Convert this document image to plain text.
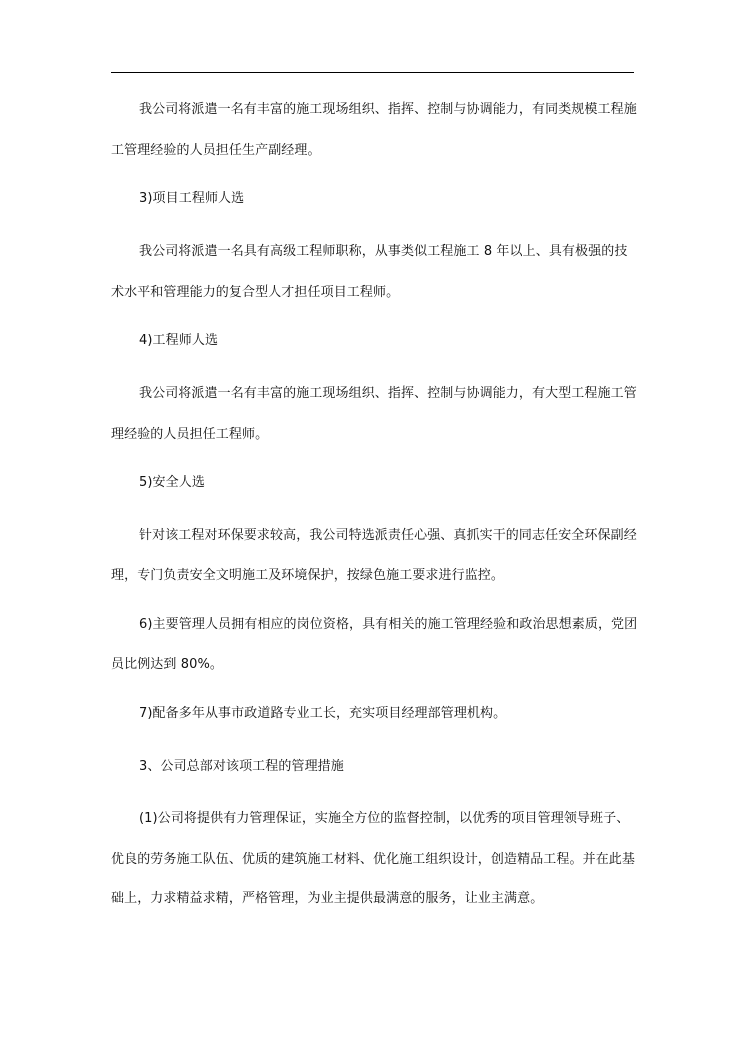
我公司将派遣一名有丰富的施工现场组织、指挥、控制与协调能力，有同类规模工程施
工管理经验的人员担任生产副经理。
3)项目工程师人选
我公司将派遣一名具有高级工程师职称，从事类似工程施工 8 年以上、具有极强的技
术水平和管理能力的复合型人才担任项目工程师。
4)工程师人选
我公司将派遣一名有丰富的施工现场组织、指挥、控制与协调能力，有大型工程施工管
理经验的人员担任工程师。
5)安全人选
针对该工程对环保要求较高，我公司特选派责任心强、真抓实干的同志任安全环保副经
理，专门负责安全文明施工及环境保护，按绿色施工要求进行监控。
6)主要管理人员拥有相应的岗位资格，具有相关的施工管理经验和政治思想素质，党团
员比例达到 80%。
7)配备多年从事市政道路专业工长，充实项目经理部管理机构。
3、公司总部对该项工程的管理措施
(1)公司将提供有力管理保证，实施全方位的监督控制，以优秀的项目管理领导班子、
优良的劳务施工队伍、优质的建筑施工材料、优化施工组织设计，创造精品工程。并在此基
础上，力求精益求精，严格管理，为业主提供最满意的服务，让业主满意。
